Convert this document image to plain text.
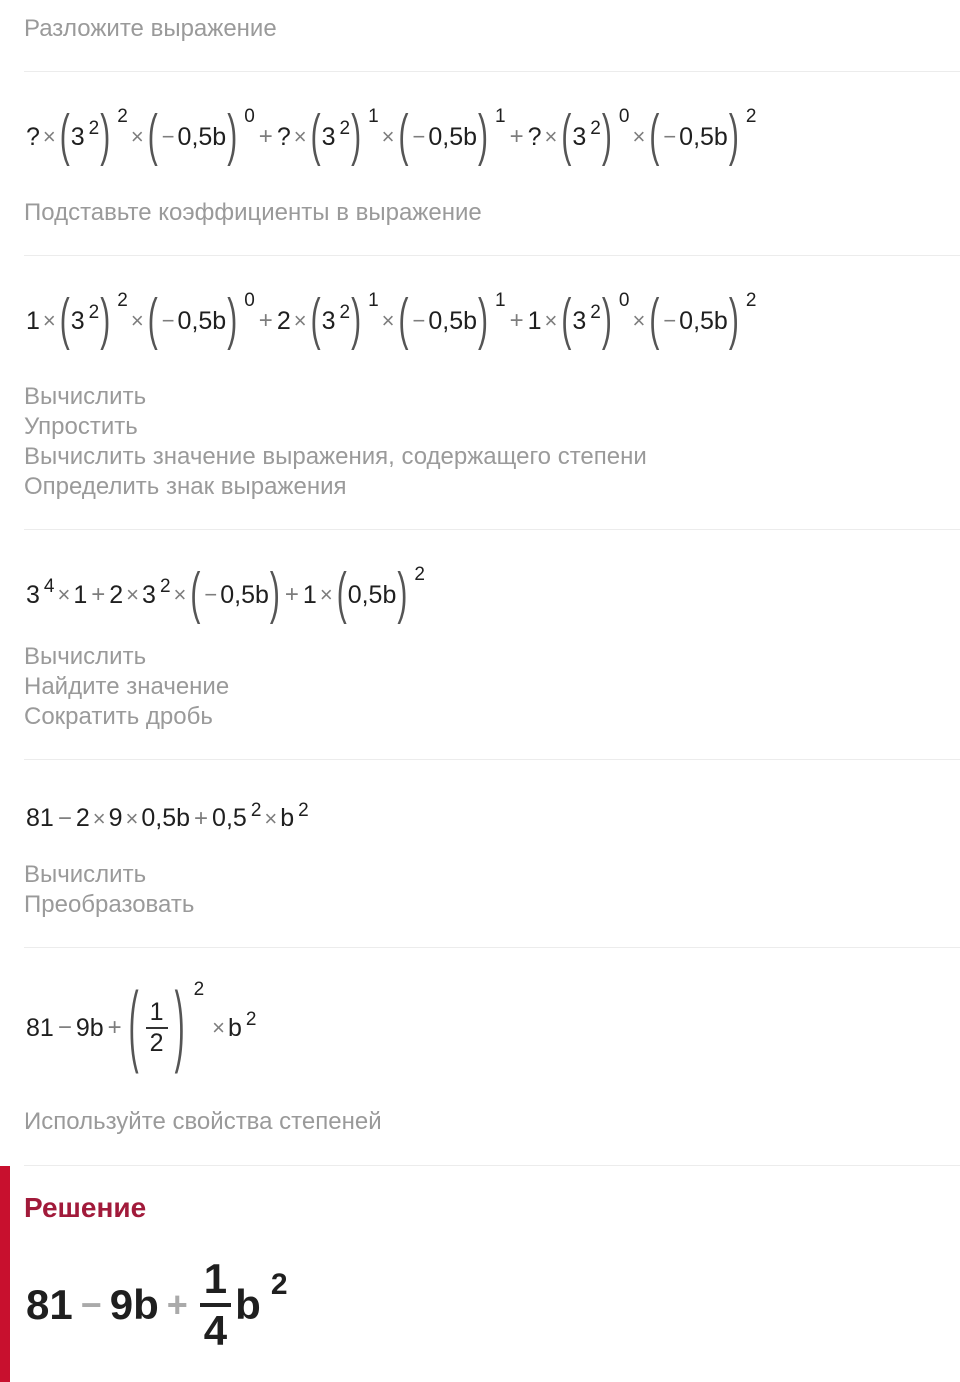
Разложите выражение
? × ( $3^2$ ) $^2$
× ( − 0,5b ) $^0$
+ ? × ( $3^2$ ) $^1$
× ( − 0,5b ) $^1$
+ ? × ( $3^2$ ) $^0$
× ( − 0,5b ) $^2$
Подставьте коэффициенты в выражение
1 × ( $3^2$ ) $^2$
× ( − 0,5b ) $^0$
+ 2 × ( $3^2$ ) $^1$
× ( − 0,5b ) $^1$
+ 1 × ( $3^2$ ) $^0$
× ( − 0,5b ) $^2$
Вычислить
Упростить
Вычислить значение выражения, содержащего степени
Определить знак выражения
$3^4 \times 1 + 2 \times 3^2$ × ( − 0,5b ) + 1 × ( 0,5b ) $^2$
Вычислить
Найдите значение
Сократить дробь
$81 - 2 \times 9 \times 0,5b + 0,5^2 \times b^2$
Вычислить
Преобразовать
81 − 9b + ( $\frac{1}{2}$ ) $^2$
× $b^2$
Используйте свойства степеней
Решение
$81 - 9b + \frac{1}{4}$ b $^2$
